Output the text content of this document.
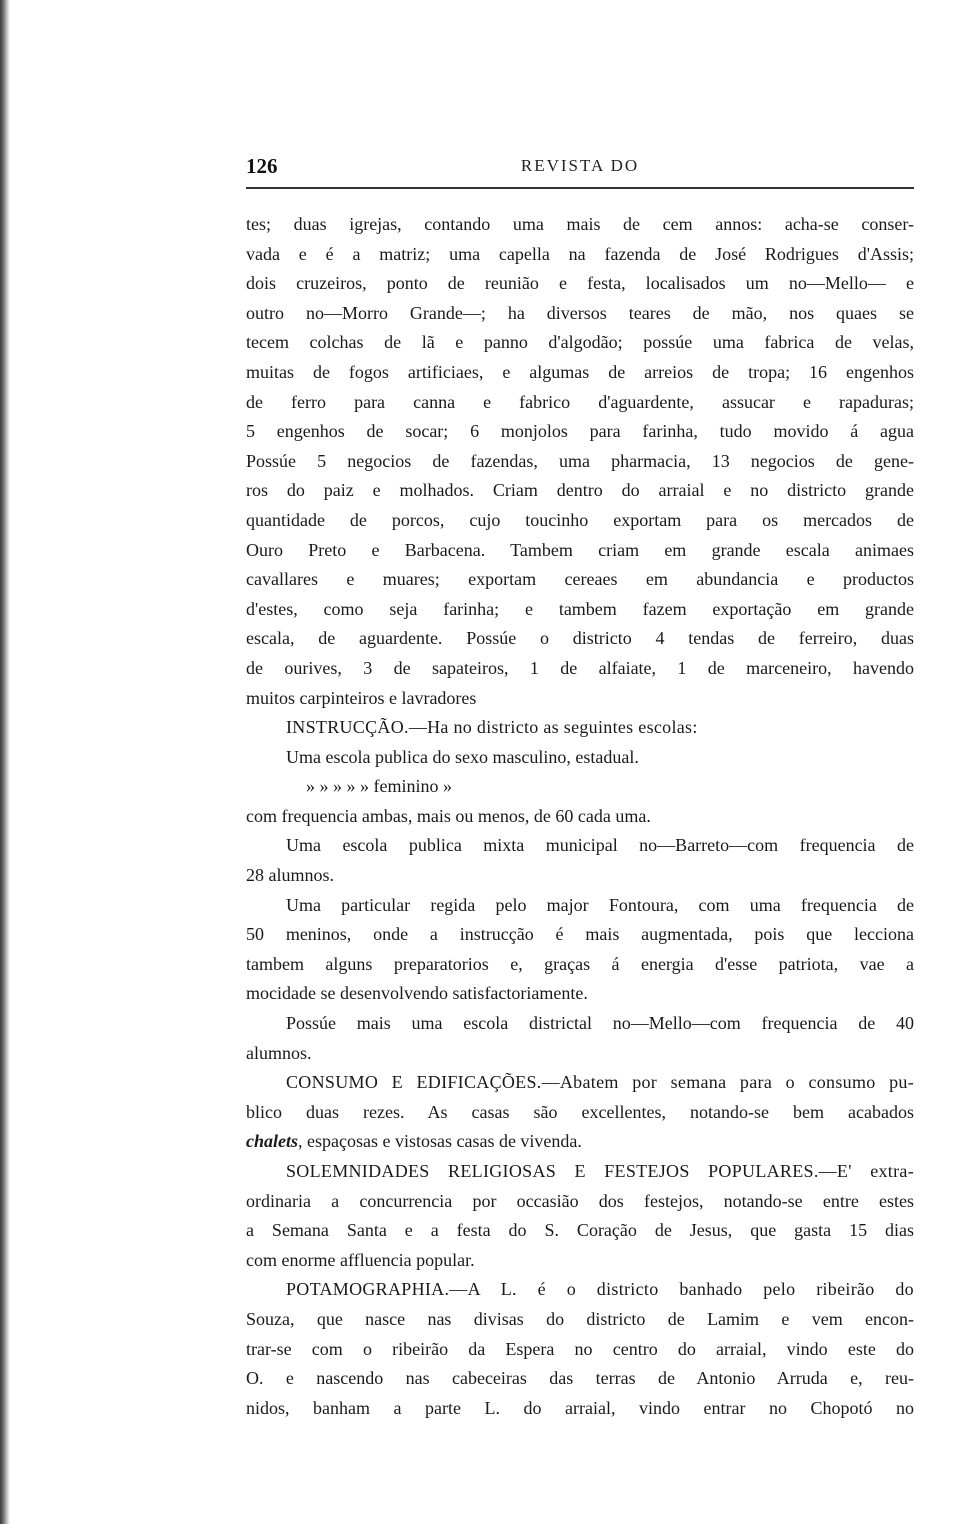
126	REVISTA DO
tes; duas igrejas, contando uma mais de cem annos: acha-se conser-
vada e é a matriz; uma capella na fazenda de José Rodrigues d'Assis;
dois cruzeiros, ponto de reunião e festa, localisados um no—Mello— e
outro no—Morro Grande—; ha diversos teares de mão, nos quaes se
tecem colchas de lã e panno d'algodão; possúe uma fabrica de velas,
muitas de fogos artificiaes, e algumas de arreios de tropa; 16 engenhos
de ferro para canna e fabrico d'aguardente, assucar e rapaduras;
5 engenhos de socar; 6 monjolos para farinha, tudo movido á agua
Possúe 5 negocios de fazendas, uma pharmacia, 13 negocios de gene-
ros do paiz e molhados. Criam dentro do arraial e no districto grande
quantidade de porcos, cujo toucinho exportam para os mercados de
Ouro Preto e Barbacena. Tambem criam em grande escala animaes
cavallares e muares; exportam cereaes em abundancia e productos
d'estes, como seja farinha; e tambem fazem exportação em grande
escala, de aguardente. Possúe o districto 4 tendas de ferreiro, duas
de ourives, 3 de sapateiros, 1 de alfaiate, 1 de marceneiro, havendo
muitos carpinteiros e lavradores
INSTRUCÇÃO.—Ha no districto as seguintes escolas:
Uma escola publica do sexo masculino, estadual.
» » » » » feminino »
com frequencia ambas, mais ou menos, de 60 cada uma.
Uma escola publica mixta municipal no—Barreto—com frequencia de
28 alumnos.
Uma particular regida pelo major Fontoura, com uma frequencia de
50 meninos, onde a instrucção é mais augmentada, pois que lecciona
tambem alguns preparatorios e, graças á energia d'esse patriota, vae a
mocidade se desenvolvendo satisfactoriamente.
Possúe mais uma escola districtal no—Mello—com frequencia de 40
alumnos.
CONSUMO E EDIFICAÇÕES.—Abatem por semana para o consumo pu-
blico duas rezes. As casas são excellentes, notando-se bem acabados
chalets, espaçosas e vistosas casas de vivenda.
SOLEMNIDADES RELIGIOSAS E FESTEJOS POPULARES.—E' extra-
ordinaria a concurrencia por occasião dos festejos, notando-se entre estes
a Semana Santa e a festa do S. Coração de Jesus, que gasta 15 dias
com enorme affluencia popular.
POTAMOGRAPHIA.—A L. é o districto banhado pelo ribeirão do
Souza, que nasce nas divisas do districto de Lamim e vem encon-
trar-se com o ribeirão da Espera no centro do arraial, vindo este do
O. e nascendo nas cabeceiras das terras de Antonio Arruda e, reu-
nidos, banham a parte L. do arraial, vindo entrar no Chopotó no
